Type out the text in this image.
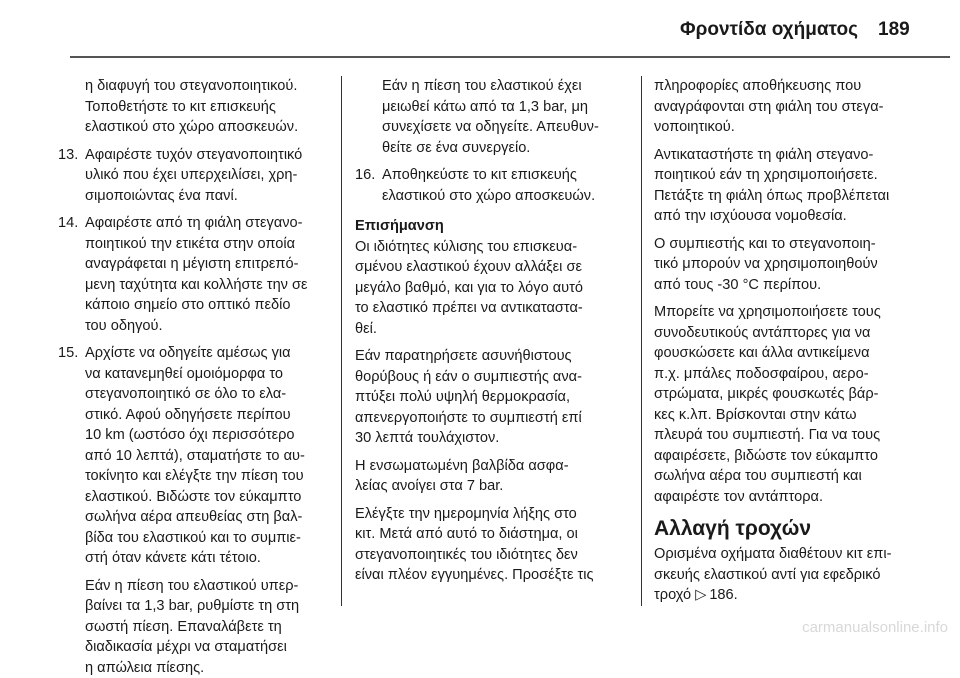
Φροντίδα οχήματος 189
η διαφυγή του στεγανοποιητικού.
Τοποθετήστε το κιτ επισκευής
ελαστικού στο χώρο αποσκευών.
13. Αφαιρέστε τυχόν στεγανοποιητικό
υλικό που έχει υπερχειλίσει, χρη-
σιμοποιώντας ένα πανί.
14. Αφαιρέστε από τη φιάλη στεγανο-
ποιητικού την ετικέτα στην οποία
αναγράφεται η μέγιστη επιτρεπό-
μενη ταχύτητα και κολλήστε την σε
κάποιο σημείο στο οπτικό πεδίο
του οδηγού.
15. Αρχίστε να οδηγείτε αμέσως για
να κατανεμηθεί ομοιόμορφα το
στεγανοποιητικό σε όλο το ελα-
στικό. Αφού οδηγήσετε περίπου
10 km (ωστόσο όχι περισσότερο
από 10 λεπτά), σταματήστε το αυ-
τοκίνητο και ελέγξτε την πίεση του
ελαστικού. Βιδώστε τον εύκαμπτο
σωλήνα αέρα απευθείας στη βαλ-
βίδα του ελαστικού και το συμπιε-
στή όταν κάνετε κάτι τέτοιο.
Εάν η πίεση του ελαστικού υπερ-
βαίνει τα 1,3 bar, ρυθμίστε τη στη
σωστή πίεση. Επαναλάβετε τη
διαδικασία μέχρι να σταματήσει
η απώλεια πίεσης.
Εάν η πίεση του ελαστικού έχει
μειωθεί κάτω από τα 1,3 bar, μη
συνεχίσετε να οδηγείτε. Απευθυν-
θείτε σε ένα συνεργείο.
16. Αποθηκεύστε το κιτ επισκευής
ελαστικού στο χώρο αποσκευών.
Επισήμανση
Οι ιδιότητες κύλισης του επισκευα-
σμένου ελαστικού έχουν αλλάξει σε
μεγάλο βαθμό, και για το λόγο αυτό
το ελαστικό πρέπει να αντικαταστα-
θεί.
Εάν παρατηρήσετε ασυνήθιστους
θορύβους ή εάν ο συμπιεστής ανα-
πτύξει πολύ υψηλή θερμοκρασία,
απενεργοποιήστε το συμπιεστή επί
30 λεπτά τουλάχιστον.
Η ενσωματωμένη βαλβίδα ασφα-
λείας ανοίγει στα 7 bar.
Ελέγξτε την ημερομηνία λήξης στο
κιτ. Μετά από αυτό το διάστημα, οι
στεγανοποιητικές του ιδιότητες δεν
είναι πλέον εγγυημένες. Προσέξτε τις
πληροφορίες αποθήκευσης που
αναγράφονται στη φιάλη του στεγα-
νοποιητικού.
Αντικαταστήστε τη φιάλη στεγανο-
ποιητικού εάν τη χρησιμοποιήσετε.
Πετάξτε τη φιάλη όπως προβλέπεται
από την ισχύουσα νομοθεσία.
Ο συμπιεστής και το στεγανοποιη-
τικό μπορούν να χρησιμοποιηθούν
από τους -30 °C περίπου.
Μπορείτε να χρησιμοποιήσετε τους
συνοδευτικούς αντάπτορες για να
φουσκώσετε και άλλα αντικείμενα
π.χ. μπάλες ποδοσφαίρου, αερο-
στρώματα, μικρές φουσκωτές βάρ-
κες κ.λπ. Βρίσκονται στην κάτω
πλευρά του συμπιεστή. Για να τους
αφαιρέσετε, βιδώστε τον εύκαμπτο
σωλήνα αέρα του συμπιεστή και
αφαιρέστε τον αντάπτορα.
Αλλαγή τροχών
Ορισμένα οχήματα διαθέτουν κιτ επι-
σκευής ελαστικού αντί για εφεδρικό
τροχό ▷ 186.
carmanualsonline.info
